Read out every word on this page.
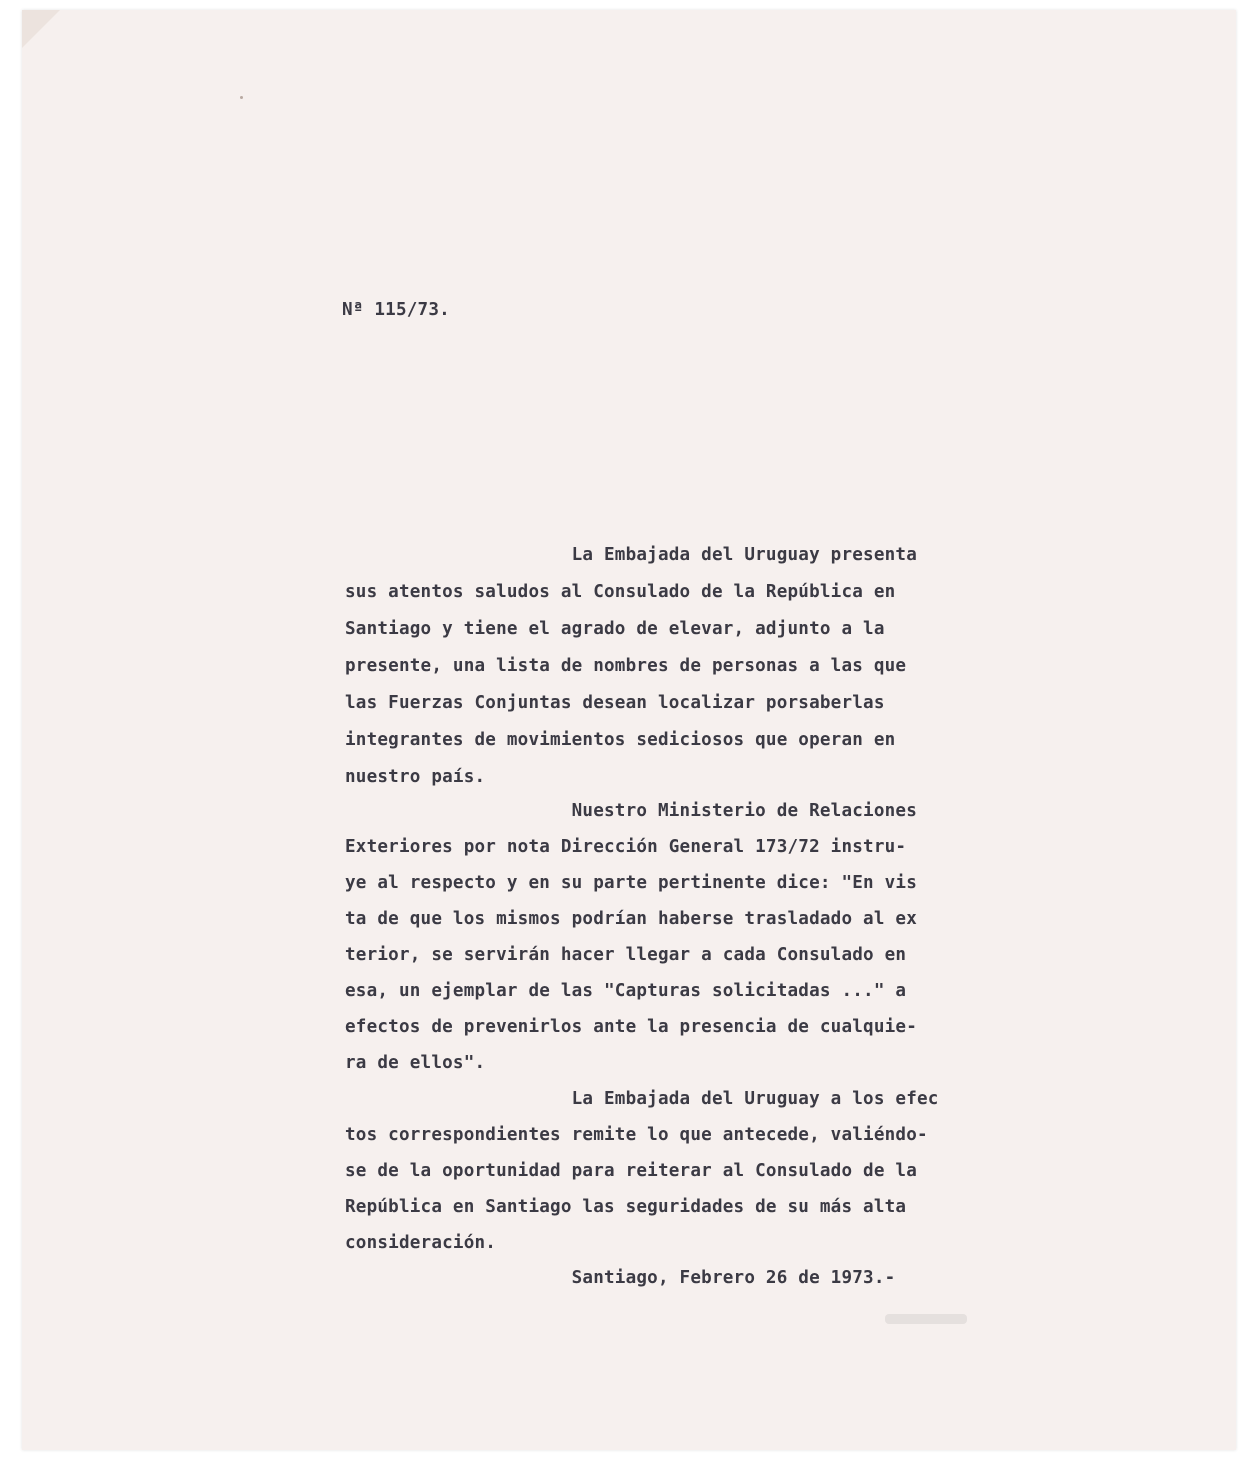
Nª 115/73.
La Embajada del Uruguay presenta
sus atentos saludos al Consulado de la República en
Santiago y tiene el agrado de elevar, adjunto a la
presente, una lista de nombres de personas a las que
las Fuerzas Conjuntas desean localizar porsaberlas
integrantes de movimientos sediciosos que operan en
nuestro país.
Nuestro Ministerio de Relaciones
Exteriores por nota Dirección General 173/72 instru-
ye al respecto y en su parte pertinente dice: "En vis
ta de que los mismos podrían haberse trasladado al ex
terior, se servirán hacer llegar a cada Consulado en
esa, un ejemplar de las "Capturas solicitadas ..." a
efectos de prevenirlos ante la presencia de cualquie-
ra de ellos".
La Embajada del Uruguay a los efec
tos correspondientes remite lo que antecede, valiéndo-
se de la oportunidad para reiterar al Consulado de la
República en Santiago las seguridades de su más alta
consideración.
Santiago, Febrero 26 de 1973.-
